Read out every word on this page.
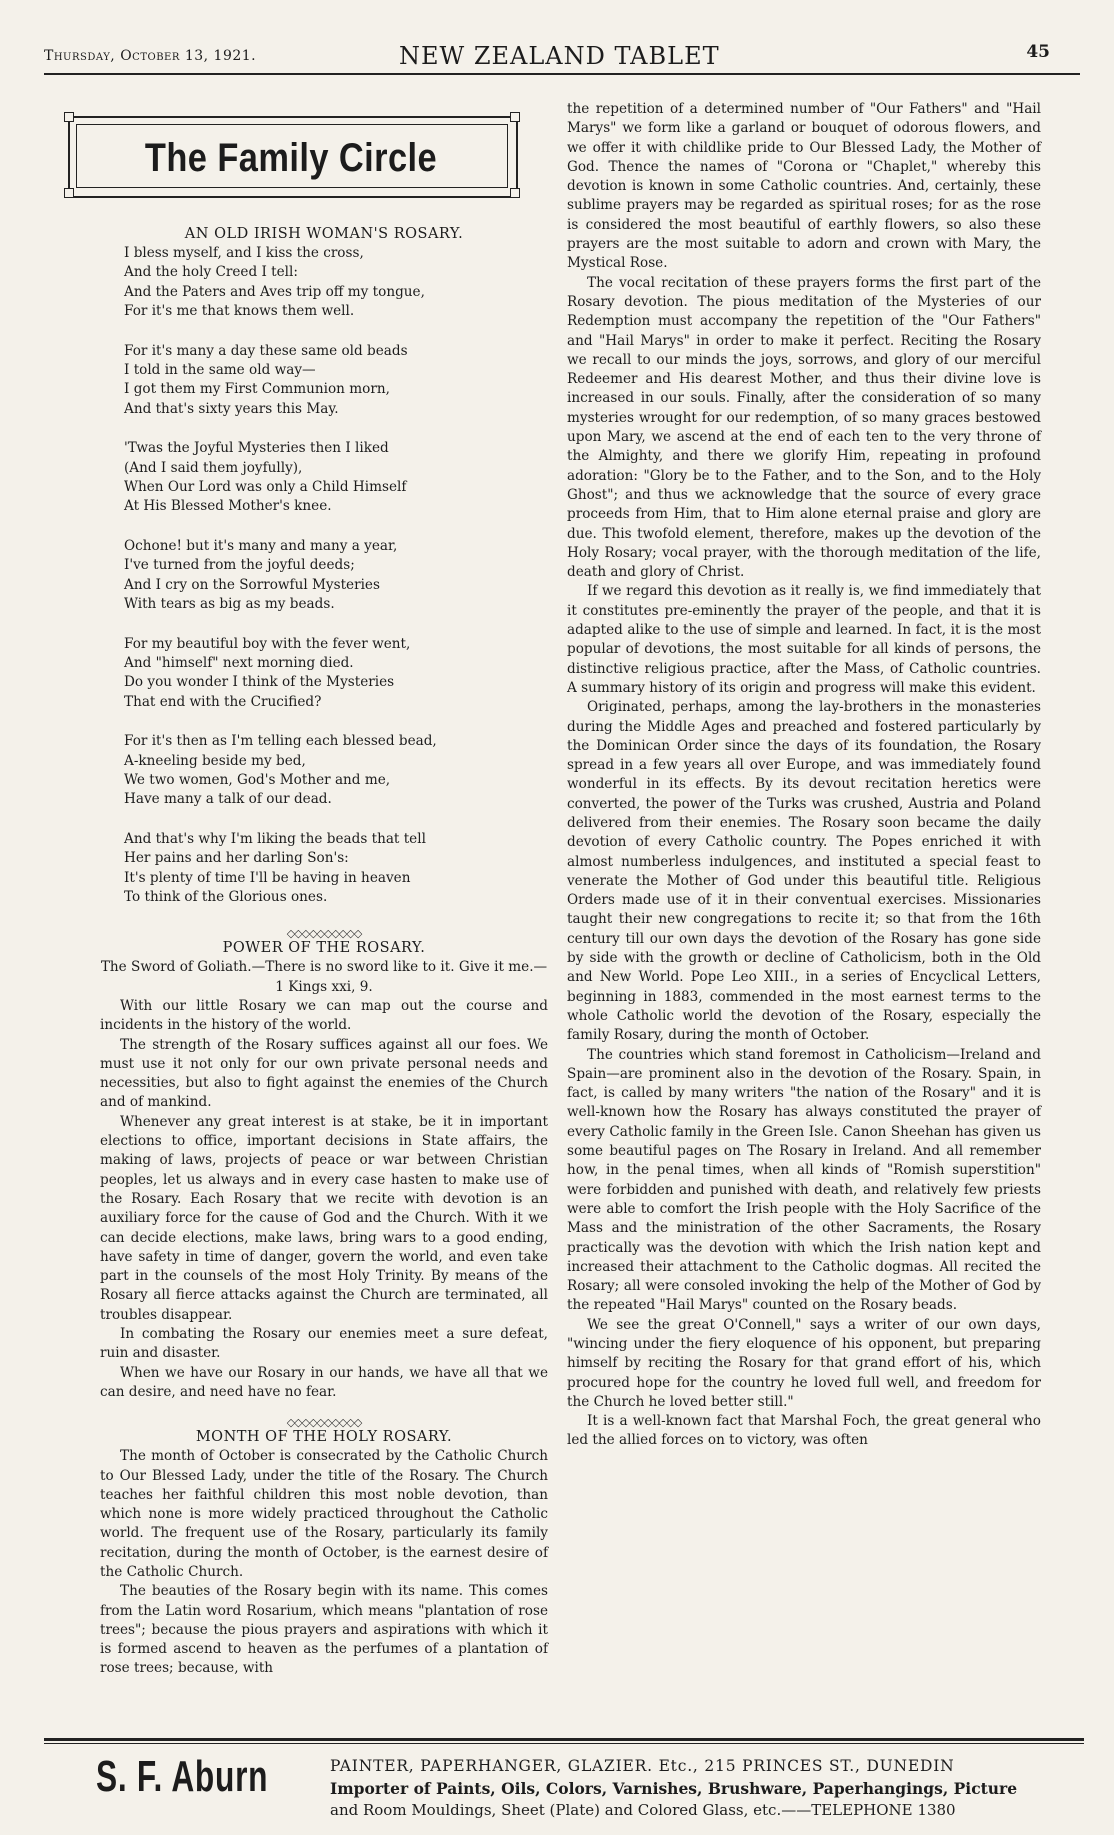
Thursday, October 13, 1921.	NEW ZEALAND TABLET	45
The Family Circle
AN OLD IRISH WOMAN'S ROSARY.
I bless myself, and I kiss the cross,
And the holy Creed I tell:
And the Paters and Aves trip off my tongue,
For it's me that knows them well.
For it's many a day these same old beads
I told in the same old way—
I got them my First Communion morn,
And that's sixty years this May.
'Twas the Joyful Mysteries then I liked
(And I said them joyfully),
When Our Lord was only a Child Himself
At His Blessed Mother's knee.
Ochone! but it's many and many a year,
I've turned from the joyful deeds;
And I cry on the Sorrowful Mysteries
With tears as big as my beads.
For my beautiful boy with the fever went,
And "himself" next morning died.
Do you wonder I think of the Mysteries
That end with the Crucified?
For it's then as I'm telling each blessed bead,
A-kneeling beside my bed,
We two women, God's Mother and me,
Have many a talk of our dead.
And that's why I'm liking the beads that tell
Her pains and her darling Son's:
It's plenty of time I'll be having in heaven
To think of the Glorious ones.
◇◇◇◇◇◇◇◇◇◇
POWER OF THE ROSARY.

The Sword of Goliath.—There is no sword like to it. Give it me.—1 Kings xxi, 9.

With our little Rosary we can map out the course and incidents in the history of the world.

The strength of the Rosary suffices against all our foes. We must use it not only for our own private personal needs and necessities, but also to fight against the enemies of the Church and of mankind.

Whenever any great interest is at stake, be it in important elections to office, important decisions in State affairs, the making of laws, projects of peace or war between Christian peoples, let us always and in every case hasten to make use of the Rosary. Each Rosary that we recite with devotion is an auxiliary force for the cause of God and the Church. With it we can decide elections, make laws, bring wars to a good ending, have safety in time of danger, govern the world, and even take part in the counsels of the most Holy Trinity. By means of the Rosary all fierce attacks against the Church are terminated, all troubles disappear.

In combating the Rosary our enemies meet a sure defeat, ruin and disaster.

When we have our Rosary in our hands, we have all that we can desire, and need have no fear.

◇◇◇◇◇◇◇◇◇◇
MONTH OF THE HOLY ROSARY.

The month of October is consecrated by the Catholic Church to Our Blessed Lady, under the title of the Rosary. The Church teaches her faithful children this most noble devotion, than which none is more widely practiced throughout the Catholic world. The frequent use of the Rosary, particularly its family recitation, during the month of October, is the earnest desire of the Catholic Church.

The beauties of the Rosary begin with its name. This comes from the Latin word Rosarium, which means "plantation of rose trees"; because the pious prayers and aspirations with which it is formed ascend to heaven as the perfumes of a plantation of rose trees; because, with

the repetition of a determined number of "Our Fathers" and "Hail Marys" we form like a garland or bouquet of odorous flowers, and we offer it with childlike pride to Our Blessed Lady, the Mother of God. Thence the names of "Corona or "Chaplet," whereby this devotion is known in some Catholic countries. And, certainly, these sublime prayers may be regarded as spiritual roses; for as the rose is considered the most beautiful of earthly flowers, so also these prayers are the most suitable to adorn and crown with Mary, the Mystical Rose.

The vocal recitation of these prayers forms the first part of the Rosary devotion. The pious meditation of the Mysteries of our Redemption must accompany the repetition of the "Our Fathers" and "Hail Marys" in order to make it perfect. Reciting the Rosary we recall to our minds the joys, sorrows, and glory of our merciful Redeemer and His dearest Mother, and thus their divine love is increased in our souls. Finally, after the consideration of so many mysteries wrought for our redemption, of so many graces bestowed upon Mary, we ascend at the end of each ten to the very throne of the Almighty, and there we glorify Him, repeating in profound adoration: "Glory be to the Father, and to the Son, and to the Holy Ghost"; and thus we acknowledge that the source of every grace proceeds from Him, that to Him alone eternal praise and glory are due. This twofold element, therefore, makes up the devotion of the Holy Rosary; vocal prayer, with the thorough meditation of the life, death and glory of Christ.

If we regard this devotion as it really is, we find immediately that it constitutes pre-eminently the prayer of the people, and that it is adapted alike to the use of simple and learned. In fact, it is the most popular of devotions, the most suitable for all kinds of persons, the distinctive religious practice, after the Mass, of Catholic countries. A summary history of its origin and progress will make this evident.

Originated, perhaps, among the lay-brothers in the monasteries during the Middle Ages and preached and fostered particularly by the Dominican Order since the days of its foundation, the Rosary spread in a few years all over Europe, and was immediately found wonderful in its effects. By its devout recitation heretics were converted, the power of the Turks was crushed, Austria and Poland delivered from their enemies. The Rosary soon became the daily devotion of every Catholic country. The Popes enriched it with almost numberless indulgences, and instituted a special feast to venerate the Mother of God under this beautiful title. Religious Orders made use of it in their conventual exercises. Missionaries taught their new congregations to recite it; so that from the 16th century till our own days the devotion of the Rosary has gone side by side with the growth or decline of Catholicism, both in the Old and New World. Pope Leo XIII., in a series of Encyclical Letters, beginning in 1883, commended in the most earnest terms to the whole Catholic world the devotion of the Rosary, especially the family Rosary, during the month of October.

The countries which stand foremost in Catholicism—Ireland and Spain—are prominent also in the devotion of the Rosary. Spain, in fact, is called by many writers "the nation of the Rosary" and it is well-known how the Rosary has always constituted the prayer of every Catholic family in the Green Isle. Canon Sheehan has given us some beautiful pages on The Rosary in Ireland. And all remember how, in the penal times, when all kinds of "Romish superstition" were forbidden and punished with death, and relatively few priests were able to comfort the Irish people with the Holy Sacrifice of the Mass and the ministration of the other Sacraments, the Rosary practically was the devotion with which the Irish nation kept and increased their attachment to the Catholic dogmas. All recited the Rosary; all were consoled invoking the help of the Mother of God by the repeated "Hail Marys" counted on the Rosary beads.

We see the great O'Connell," says a writer of our own days, "wincing under the fiery eloquence of his opponent, but preparing himself by reciting the Rosary for that grand effort of his, which procured hope for the country he loved full well, and freedom for the Church he loved better still."

It is a well-known fact that Marshal Foch, the great general who led the allied forces on to victory, was often

S. F. Aburn	PAINTER, PAPERHANGER, GLAZIER. Etc., 215 PRINCES ST., DUNEDIN
Importer of Paints, Oils, Colors, Varnishes, Brushware, Paperhangings, Picture
and Room Mouldings, Sheet (Plate) and Colored Glass, etc.——TELEPHONE 1380
